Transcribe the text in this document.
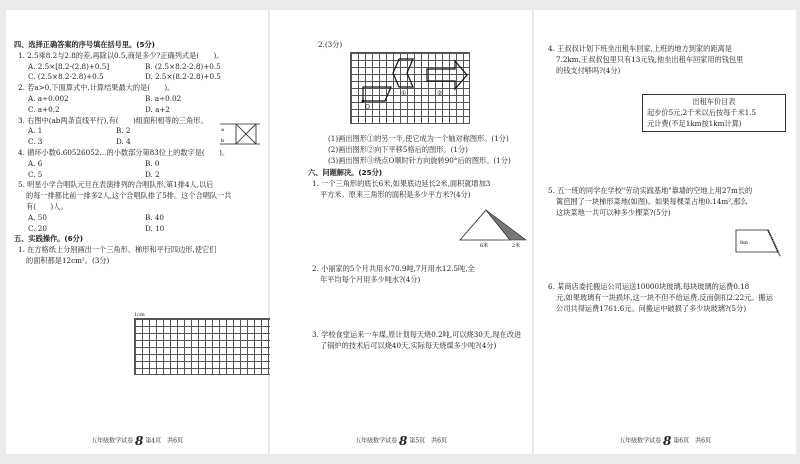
四、选择正确答案的序号填在括号里。(5分)
1. 2.5乘8.2与2.8的差,再除以0.5,商是多少?正确列式是(　　)。
A. 2.5×[8.2-(2.8)+0.5]	B. (2.5×8.2-2.8)+0.5
C. (2.5×8.2-2.8)+0.5	D. 2.5×(8.2-2.8)+0.5
2. 若a>0,下面算式中,计算结果最大的是(　　)。
A. a÷0.002	B. a÷0.02
C. a+0.2	D. a+2
3. 右图中(ab两条直线平行),有(　　)组面积相等的三角形。
A. 1	B. 2
C. 3	D. 4
a
b
4. 循环小数6.60526052…的小数部分第83位上的数字是(　　)。
A. 6	B. 0
C. 5	D. 2
5. 明星小学合唱队元旦在表演排列的合唱队形,第1排4人,以后
的每一排都比前一排多2人,这个合唱队排了5排。这个合唱队一共
有(　　)人。
A. 50	B. 40
C. 20	D. 10
五、实践操作。(6分)
1. 在方格纸上分别画出一个三角形、梯形和平行四边形,使它们
的面积都是12cm²。(3分)
1cm
五年级数学试卷 8 第4页　共6页
2.(3分)
O
①	②
(1)画出图形①的另一半,使它成为一个轴对称图形。(1分)
(2)画出图形②向下平移5格后的图形。(1分)
(3)画出图形③绕点O顺时针方向旋转90°后的图形。(1分)
六、问题解决。(25分)
1. 一个三角形的底长6米,如果底边延长2米,面积就增加3
平方米。原来三角形的面积是多少平方米?(4分)
6米	2米
2. 小丽家的5个月共用水70.9吨,7月用水12.5吨,全
年平均每个月用多少吨水?(4分)
3. 学校食堂运来一车煤,原计划每天烧0.2吨,可以烧30天,现在改进
了锅炉的技术后可以烧40天,实际每天烧煤多少吨?(4分)
五年级数学试卷 8 第5页　共6页
4. 王叔叔计划下班坐出租车回家,上班的地方到家的距离是
7.2km,王叔叔包里只有13元钱,他坐出租车回家用的钱包里
的钱支付够吗?(4分)
出租车价目表
起步价5元,2千米以后按每千米1.5
元计费(不足1km按1km计算)
5. 五一班的同学在学校"劳动实践基地"靠墙的空地上用27m长的
篱笆围了一块梯形菜地(如图)。如果每棵菜占地0.14m²,那么
这块菜地一共可以种多少棵菜?(5分)
8m
6. 某商店委托搬运公司运送10000块玻璃,每块玻璃的运费0.18
元,如果玻璃有一块损坏,这一块不但不给运费,反而倒扣2.22元。搬运
公司共得运费1761.6元。问搬运中破损了多少块玻璃?(5分)
五年级数学试卷 8 第6页　共6页
